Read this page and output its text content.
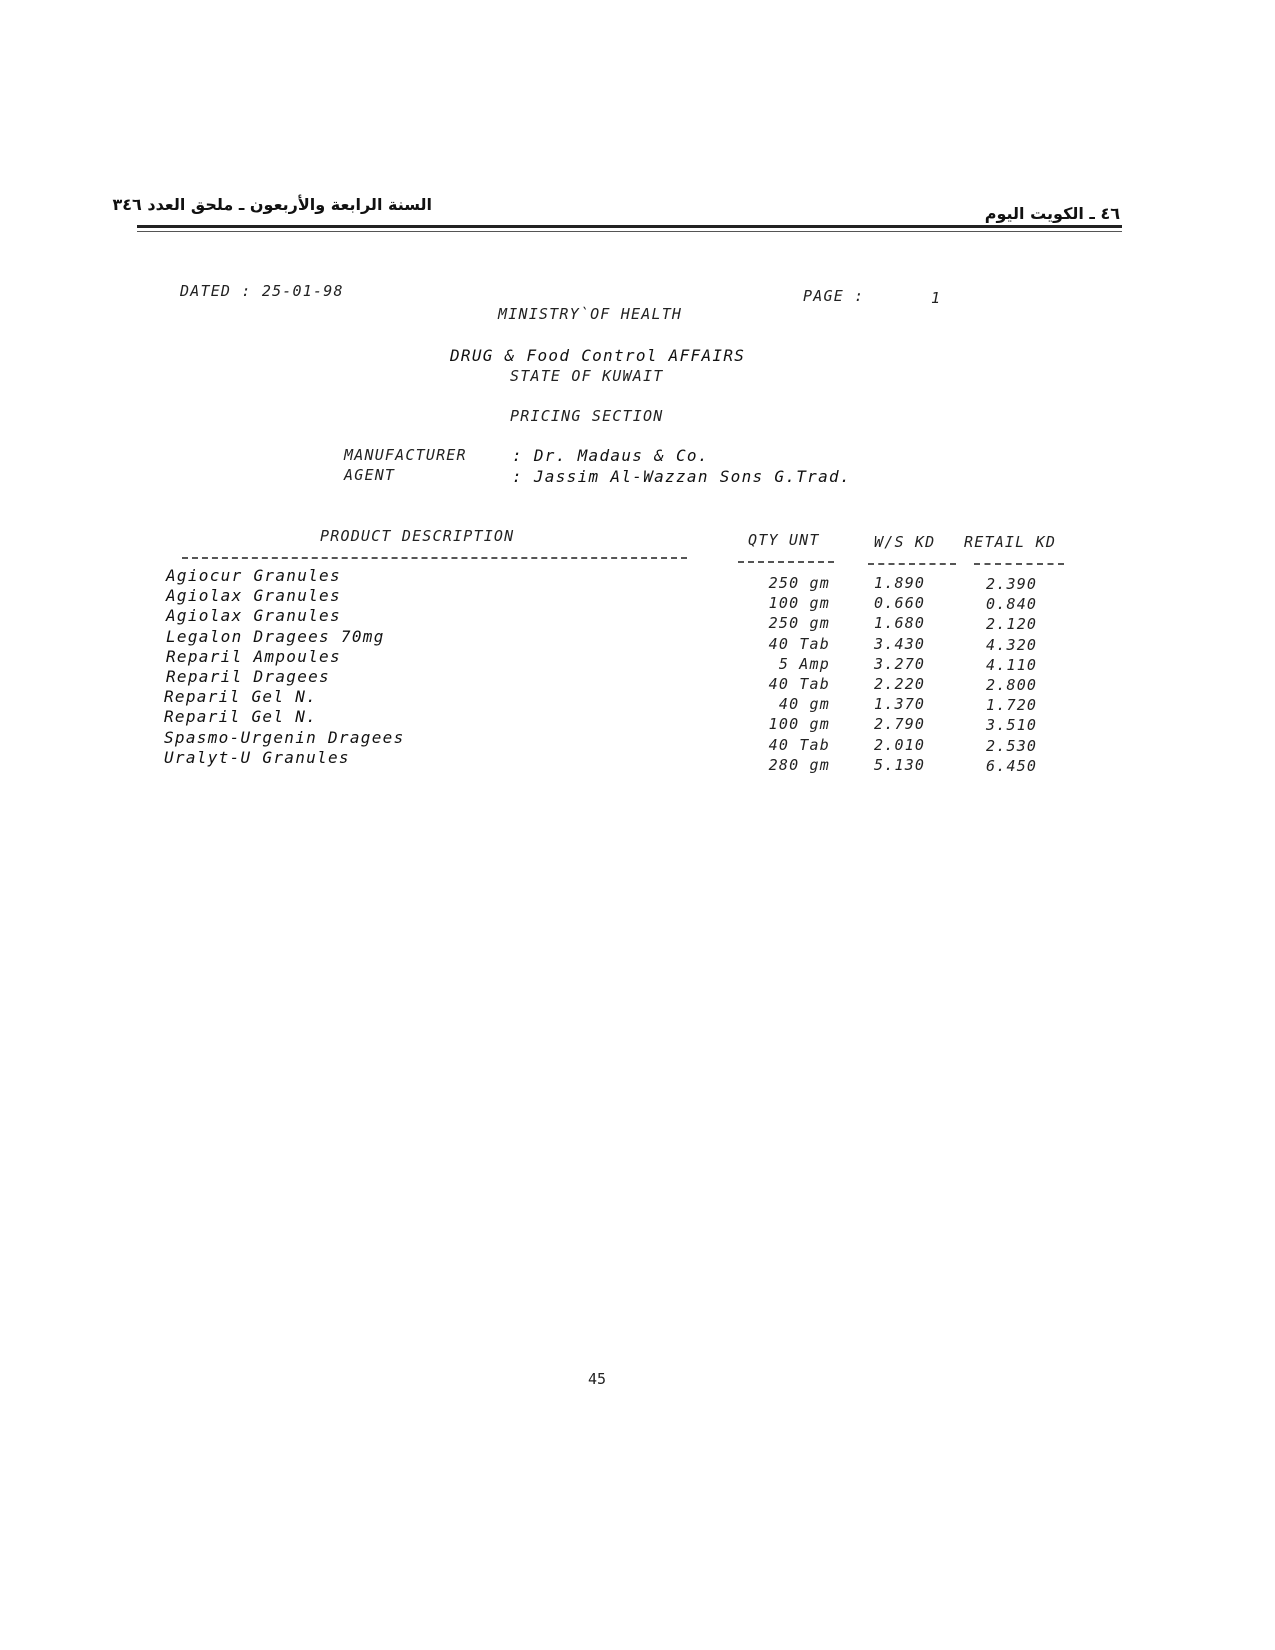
السنة الرابعة والأربعون ـ ملحق العدد ٣٤٦	٤٦ ـ الكويت اليوم
DATED : 25-01-98	PAGE :	1
MINISTRY`OF HEALTH
DRUG & Food Control AFFAIRS
STATE OF KUWAIT
PRICING SECTION
MANUFACTURER	: Dr. Madaus & Co.
AGENT	: Jassim Al-Wazzan Sons G.Trad.
PRODUCT DESCRIPTION	QTY UNT	W/S KD RETAIL KD
Agiocur Granules	250 gm	1.890	2.390
Agiolax Granules	100 gm	0.660	0.840
Agiolax Granules	250 gm	1.680	2.120
Legalon Dragees 70mg	40 Tab	3.430	4.320
Reparil Ampoules	5 Amp	3.270	4.110
Reparil Dragees	40 Tab	2.220	2.800
Reparil Gel N.	40 gm	1.370	1.720
Reparil Gel N.	100 gm	2.790	3.510
Spasmo-Urgenin Dragees	40 Tab	2.010	2.530
Uralyt-U Granules	280 gm	5.130	6.450
45
